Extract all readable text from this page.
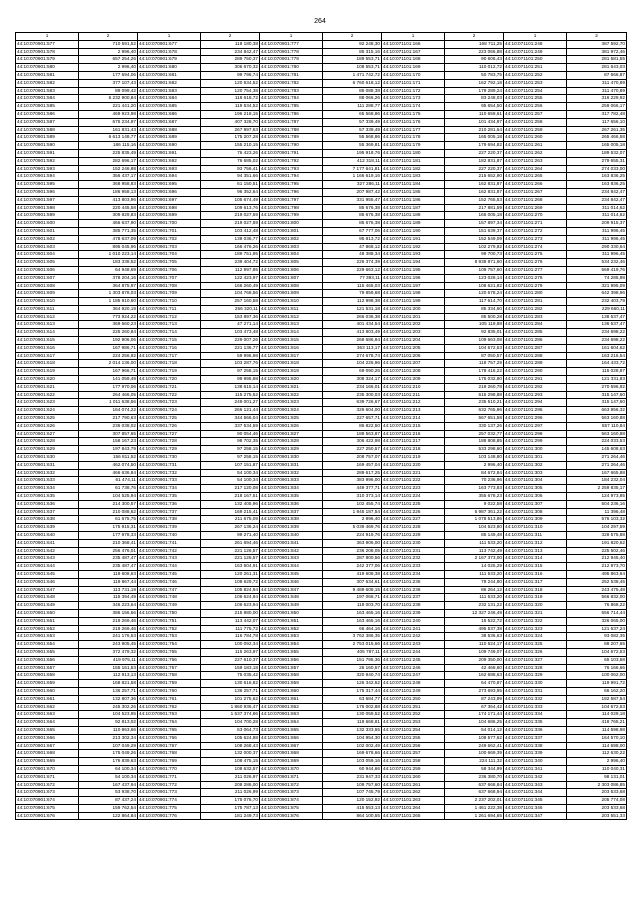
264
1	2	1	2	1	2	1	2	1	2
44:10:070901:577	710 591,52	44:10:070901:677	118 180,38	44:10:070901:777	92 248,30	44:10:071101:166	168 711,25	44:10:071101:248	387 592,70
44:10:070901:578	2 996,40	44:10:070901:678	234 842,47	44:10:070901:778	85 315,16	44:10:071101:167	223 066,88	44:10:071101:249	381 972,46
44:10:070901:579	657 254,26	44:10:070901:679	289 750,37	44:10:070901:779	189 553,71	44:10:071101:168	90 606,43	44:10:071101:250	281 581,55
44:10:070901:580	2 996,40	44:10:070901:680	306 670,32	44:10:070901:780	108 553,71	44:10:071101:169	110 012,72	44:10:071101:251	281 643,03
44:10:070901:581	177 694,06	44:10:070901:681	99 796,74	44:10:070901:781	1 471 742,72	44:10:071101:170	50 783,75	44:10:071101:252	87 666,87
44:10:070901:582	377 107,43	44:10:070901:682	120 534,52	44:10:070901:782	6 760 618,12	44:10:071101:171	162 792,18	44:10:071101:253	311 470,89
44:10:070901:583	89 099,42	44:10:070901:683	120 754,38	44:10:070901:783	85 088,38	44:10:071101:172	179 289,24	44:10:071101:254	311 470,89
44:10:070901:584	6 232 900,84	44:10:070901:684	118 618,72	44:10:070901:784	88 066,26	44:10:071101:173	83 248,03	44:10:071101:255	316 229,92
44:10:070901:585	221 441,20	44:10:070901:685	119 534,52	44:10:070901:785	111 288,77	44:10:071101:174	95 654,50	44:10:071101:256	259 066,17
44:10:070901:586	469 923,98	44:10:070901:686	196 218,15	44:10:070901:786	65 568,86	44:10:071101:175	110 659,61	44:10:071101:257	317 782,48
44:10:070901:587	675 234,97	44:10:070901:687	407 328,70	44:10:070901:787	57 339,49	44:10:071101:176	101 434,87	44:10:071101:258	117 656,10
44:10:070901:588	161 831,43	44:10:070901:688	267 997,63	44:10:070901:788	57 339,49	44:10:071101:177	210 281,64	44:10:071101:259	267 261,35
44:10:070901:589	6 613 148,77	44:10:070901:689	175 207,28	44:10:070901:789	55 568,86	44:10:071101:178	165 005,18	44:10:071101:260	265 466,58
44:10:070901:590	186 115,16	44:10:070901:690	155 210,15	44:10:070901:790	55 369,81	44:10:071101:179	179 694,82	44:10:071101:261	165 005,18
44:10:070901:591	225 835,49	44:10:070901:691	76 423,26	44:10:070901:791	195 918,76	44:10:071101:180	227 220,37	44:10:071101:262	189 532,07
44:10:070901:592	282 696,17	44:10:070901:692	76 685,02	44:10:070901:792	412 318,11	44:10:071101:181	182 831,87	44:10:071101:263	279 655,31
44:10:070901:593	152 246,88	44:10:070901:693	93 756,41	44:10:070901:793	7 177 641,81	44:10:071101:182	227 220,37	44:10:071101:264	274 033,00
44:10:070901:594	356 437,17	44:10:070901:694	94 351,66	44:10:070901:794	1 166 619,16	44:10:071101:183	215 652,90	44:10:071101:265	163 836,25
44:10:070901:595	368 958,83	44:10:070901:695	61 150,51	44:10:070901:795	327 286,11	44:10:071101:184	162 831,87	44:10:071101:266	163 836,25
44:10:070901:596	186 958,13	44:10:070901:696	96 352,64	44:10:070901:796	207 987,42	44:10:071101:185	162 831,87	44:10:071101:267	234 842,47
44:10:070901:597	413 803,96	44:10:070901:697	105 674,49	44:10:070901:797	331 955,47	44:10:071101:186	152 765,53	44:10:071101:268	234 842,47
44:10:070901:598	220 445,58	44:10:070901:698	109 613,76	44:10:070901:798	85 676,38	44:10:071101:187	217 881,59	44:10:071101:269	311 014,62
44:10:070901:599	309 829,83	44:10:070901:699	219 027,59	44:10:070901:799	85 676,38	44:10:071101:188	165 005,18	44:10:071101:270	311 014,62
44:10:070901:600	466 637,90	44:10:070901:700	219 027,59	44:10:070901:800	85 676,38	44:10:071101:189	157 897,34	44:10:071101:271	209 915,37
44:10:070901:601	385 771,35	44:10:070901:701	103 412,48	44:10:070901:801	67 777,06	44:10:071101:190	151 639,37	44:10:071101:272	311 996,45
44:10:070901:602	478 637,09	44:10:070901:702	138 036,77	44:10:070901:802	95 813,72	44:10:071101:191	152 549,09	44:10:071101:273	311 996,45
44:10:070901:603	895 045,96	44:10:070901:703	166 476,26	44:10:070901:803	47 868,12	44:10:071101:192	102 279,82	44:10:071101:274	290 330,64
44:10:070901:604	1 010 223,14	44:10:070901:704	189 751,95	44:10:070901:804	48 388,34	44:10:071101:193	99 700,73	44:10:071101:275	311 996,45
44:10:070901:605	183 338,52	44:10:070901:705	239 404,72	44:10:070901:805	226 374,39	44:10:071101:194	8 938 871,60	44:10:071101:276	534 232,46
44:10:070901:606	64 948,69	44:10:070901:706	112 997,85	44:10:070901:806	229 663,12	44:10:071101:195	109 757,60	44:10:071101:277	569 419,76
44:10:070901:607	378 204,16	44:10:070901:707	122 423,97	44:10:070901:807	77 393,11	44:10:071101:196	123 028,14	44:10:071101:278	74 285,98
44:10:070901:608	364 875,97	44:10:070901:708	166 260,49	44:10:070901:808	115 465,03	44:10:071101:197	108 621,82	44:10:071101:279	321 995,09
44:10:070901:609	1 303 878,03	44:10:070901:709	104 768,56	44:10:070901:809	79 859,68	44:10:071101:198	120 678,24	44:10:071101:280	642 398,96
44:10:070901:610	1 185 910,60	44:10:070901:710	257 160,58	44:10:070901:810	112 998,38	44:10:071101:199	117 614,70	44:10:071101:281	232 403,79
44:10:070901:611	364 920,19	44:10:070901:711	256 320,11	44:10:070901:811	121 531,18	44:10:071101:200	85 334,60	44:10:071101:282	229 660,11
44:10:070901:612	773 924,22	44:10:070901:712	153 897,36	44:10:070901:812	266 036,38	44:10:071101:201	85 500,28	44:10:071101:283	138 537,47
44:10:070901:613	369 560,23	44:10:070901:713	47 271,14	44:10:070901:813	401 434,54	44:10:071101:202	105 119,88	44:10:071101:284	136 537,47
44:10:070901:614	225 260,84	44:10:070901:714	103 473,48	44:10:070901:814	413 803,49	44:10:071101:203	92 835,01	44:10:071101:285	234 698,22
44:10:070901:615	192 906,06	44:10:070901:715	229 007,26	44:10:070901:815	268 686,94	44:10:071101:204	109 663,08	44:10:071101:286	234 698,22
44:10:070901:616	167 986,71	44:10:070901:716	221 136,77	44:10:070901:816	363 113,17	44:10:071101:205	104 672,53	44:10:071101:287	161 604,62
44:10:070901:617	224 256,92	44:10:070901:717	59 996,98	44:10:070901:817	274 678,74	44:10:071101:206	87 050,57	44:10:071101:288	163 216,54
44:10:070901:618	2 014 136,00	44:10:070901:718	103 287,76	44:10:070901:818	104 226,96	44:10:071101:207	118 757,29	44:10:071101:289	164 433,72
44:10:070901:619	167 966,71	44:10:070901:719	97 258,15	44:10:070901:819	69 090,26	44:10:071101:208	178 416,22	44:10:071101:290	115 028,87
44:10:070901:620	141 059,49	44:10:070901:720	99 996,98	44:10:070901:820	308 324,17	44:10:071101:209	175 032,80	44:10:071101:291	121 331,83
44:10:070901:621	177 970,06	44:10:070901:721	138 615,14	44:10:070901:821	234 166,01	44:10:071101:210	219 260,78	44:10:071101:292	270 596,92
44:10:070901:622	264 466,05	44:10:070901:722	115 275,52	44:10:070901:822	235 300,03	44:10:071101:211	615 298,88	44:10:071101:293	315 147,60
44:10:070901:623	1 011 638,56	44:10:070901:723	249 001,27	44:10:070901:823	639 726,67	44:10:071101:212	235 510,21	44:10:071101:294	315 147,60
44:10:070901:624	164 074,22	44:10:070901:724	266 121,44	44:10:070901:824	326 604,00	44:10:071101:213	632 765,96	44:10:071101:295	663 956,32
44:10:070901:625	217 790,63	44:10:070901:725	344 566,04	44:10:070901:825	227 657,71	44:10:071101:214	567 651,58	44:10:071101:296	563 160,88
44:10:070901:626	236 038,02	44:10:070901:726	337 534,59	44:10:070901:826	86 822,50	44:10:071101:215	330 137,26	44:10:071101:297	557 110,84
44:10:070901:627	307 857,65	44:10:070901:727	90 054,46	44:10:070901:827	188 563,87	44:10:071101:216	257 032,77	44:10:071101:298	563 160,88
44:10:070901:628	158 167,23	44:10:070901:728	98 702,35	44:10:070901:828	306 422,98	44:10:071101:217	188 808,85	44:10:071101:299	224 033,53
44:10:070901:629	197 843,79	44:10:070901:729	97 258,15	44:10:070901:829	227 250,57	44:10:071101:218	533 298,60	44:10:071101:300	145 608,63
44:10:070901:630	156 811,52	44:10:070901:730	97 258,15	44:10:070901:830	208 757,07	44:10:071101:219	103 148,80	44:10:071101:301	271 264,46
44:10:070901:631	462 074,50	44:10:070901:731	107 151,87	44:10:070901:831	169 457,04	44:10:071101:220	2 996,40	44:10:071101:302	271 264,46
44:10:070901:632	466 636,84	44:10:070901:732	54 100,34	44:10:070901:832	289 617,25	44:10:071101:221	84 672,84	44:10:071101:303	167 665,88
44:10:070901:633	61 474,11	44:10:070901:733	54 100,34	44:10:070901:833	383 996,00	44:10:071101:222	70 236,96	44:10:071101:304	184 232,04
44:10:070901:634	61 738,76	44:10:070901:734	217 120,08	44:10:070901:834	449 377,71	44:10:071101:223	163 773,83	44:10:071101:305	2 259 835,17
44:10:070901:635	104 525,94	44:10:070901:735	218 167,51	44:10:070901:835	310 373,14	44:10:071101:224	355 678,23	44:10:071101:306	124 973,85
44:10:070901:636	214 300,57	44:10:070901:736	132 405,96	44:10:070901:836	102 455,74	44:10:071101:225	9 022,58	44:10:071101:307	504 236,16
44:10:070901:637	210 088,62	44:10:070901:737	169 215,41	44:10:070901:837	1 945 187,54	44:10:071101:226	5 987 361,22	44:10:071101:308	11 396,48
44:10:070901:638	61 675,75	44:10:070901:738	211 675,09	44:10:070901:838	2 996,40	44:10:071101:227	1 078 513,86	44:10:071101:309	576 103,32
44:10:070901:639	175 915,31	44:10:070901:739	267 136,24	44:10:070901:839	5 039 469,76	44:10:071101:228	104 523,80	44:10:071101:310	104 297,59
44:10:070901:640	177 978,33	44:10:070901:740	99 271,40	44:10:070901:840	224 919,76	44:10:071101:229	85 149,48	44:10:071101:311	328 575,88
44:10:070901:641	210 368,41	44:10:070901:741	261 694,46	44:10:070901:841	363 906,00	44:10:071101:230	111 533,20	44:10:071101:312	191 820,62
44:10:070901:642	256 476,01	44:10:070901:742	221 126,57	44:10:070901:842	236 208,05	44:10:071101:231	113 742,49	44:10:071101:313	225 502,46
44:10:070901:643	235 487,47	44:10:070901:743	221 126,57	44:10:070901:843	287 800,56	44:10:071101:232	2 167 373,00	44:10:071101:314	212 945,40
44:10:070901:644	235 487,47	44:10:070901:744	163 604,91	44:10:070901:844	242 377,06	44:10:071101:233	14 025,29	44:10:071101:315	212 973,70
44:10:070901:645	119 608,63	44:10:070901:745	120 261,31	44:10:070901:845	419 608,38	44:10:071101:234	111 533,20	44:10:071101:316	495 863,64
44:10:070901:646	119 867,44	44:10:070901:746	108 629,72	44:10:070901:846	307 634,61	44:10:071101:235	79 244,80	44:10:071101:317	252 538,45
44:10:070901:647	113 731,19	44:10:070901:747	105 824,94	44:10:070901:847	9 489 608,15	44:10:071101:236	86 264,12	44:10:071101:318	243 475,48
44:10:070901:648	115 394,49	44:10:070901:748	106 624,94	44:10:070901:848	197 068,71	44:10:071101:237	111 533,20	44:10:071101:319	566 832,00
44:10:070901:649	346 223,64	44:10:070901:749	106 623,94	44:10:070901:849	118 003,70	44:10:071101:238	232 131,22	44:10:071101:320	76 868,22
44:10:070901:650	386 156,66	44:10:070901:750	215 980,00	44:10:070901:850	163 465,16	44:10:071101:239	12 327 246,49	44:10:071101:321	556 714,44
44:10:070901:651	219 269,46	44:10:070901:751	113 442,07	44:10:070901:851	163 465,16	44:10:071101:240	15 522,72	44:10:071101:322	326 065,00
44:10:070901:652	219 269,46	44:10:070901:752	111 775,72	44:10:070901:852	66 464,16	44:10:071101:241	495 537,38	44:10:071101:323	121 537,24
44:10:070901:653	241 176,53	44:10:070901:753	116 784,78	44:10:070901:853	3 762 386,35	44:10:071101:242	38 536,63	44:10:071101:324	93 082,35
44:10:070901:654	243 905,45	44:10:070901:754	100 092,34	44:10:070901:854	2 753 015,66	44:10:071101:243	110 524,17	44:10:071101:325	88 207,65
44:10:070901:655	372 479,32	44:10:070901:755	115 263,97	44:10:070901:855	405 787,11	44:10:071101:244	109 749,07	44:10:071101:326	104 672,53
44:10:070901:656	419 975,11	44:10:070901:756	227 610,37	44:10:070901:856	151 795,36	44:10:071101:245	209 350,00	44:10:071101:327	65 103,58
44:10:070901:657	155 161,53	44:10:070901:757	159 183,18	44:10:070901:857	26 160,57	44:10:071101:246	42 468,60	44:10:071101:328	76 166,66
44:10:070901:658	112 913,13	44:10:070901:758	75 035,42	44:10:070901:858	320 940,74	44:10:071101:247	162 688,63	44:10:071101:329	100 062,00
44:10:070901:659	168 821,58	44:10:070901:759	130 616,82	44:10:070901:859	126 342,62	44:10:071101:248	64 470,87	44:10:071101:330	119 991,72
44:10:070901:660	136 257,71	44:10:070901:760	136 257,71	44:10:070901:860	175 317,44	44:10:071101:249	273 693,95	44:10:071101:331	66 162,20
44:10:070901:661	132 807,36	44:10:070901:761	101 275,62	44:10:070901:861	63 684,77	44:10:071101:250	87 243,99	44:10:071101:332	182 587,54
44:10:070901:662	245 302,26	44:10:070901:762	1 860 936,47	44:10:070901:862	176 002,88	44:10:071101:251	67 364,42	44:10:071101:333	104 672,53
44:10:070901:663	104 523,95	44:10:070901:763	1 537 374,86	44:10:070901:863	130 059,52	44:10:071101:252	174 171,44	44:10:071101:334	114 029,18
44:10:070901:664	92 813,02	44:10:070901:764	104 700,28	44:10:070901:864	118 668,81	44:10:071101:253	104 686,25	44:10:071101:335	418 765,21
44:10:070901:665	110 963,66	44:10:070901:765	63 064,73	44:10:070901:865	132 333,55	44:10:071101:254	54 014,12	44:10:071101:336	114 598,98
44:10:070901:666	213 302,34	44:10:070901:766	105 624,98	44:10:070901:866	104 954,30	44:10:071101:255	108 577,62	44:10:071101:337	164 570,10
44:10:070901:667	107 049,29	44:10:070901:767	108 268,43	44:10:070901:867	102 002,49	44:10:071101:256	249 662,41	44:10:071101:338	114 698,00
44:10:070901:668	175 049,26	44:10:070901:768	132 000,37	44:10:070901:868	169 678,66	44:10:071101:257	100 669,39	44:10:071101:339	112 630,22
44:10:070901:669	176 839,63	44:10:070901:769	108 475,15	44:10:070901:869	103 059,16	44:10:071101:258	224 111,32	44:10:071101:340	2 996,40
44:10:070901:670	64 100,34	44:10:070901:770	108 632,57	44:10:070901:870	60 944,66	44:10:071101:259	58 344,99	44:10:071101:341	110 040,31
44:10:070901:671	54 100,34	44:10:070901:771	211 026,97	44:10:070901:871	231 947,33	44:10:071101:260	236 380,70	44:10:071101:342	98 131,01
44:10:070901:672	167 437,94	44:10:070901:772	208 286,00	44:10:070901:872	109 757,60	44:10:071101:261	637 668,84	44:10:071101:343	2 303 086,85
44:10:070901:673	53 938,70	44:10:070901:773	211 026,99	44:10:070901:873	107 745,79	44:10:071101:262	637 668,94	44:10:071101:344	203 533,68
44:10:070901:674	87 437,24	44:10:070901:774	175 076,70	44:10:070901:874	120 152,92	44:10:071101:263	2 237 202,01	44:10:071101:345	205 774,08
44:10:070901:675	159 762,54	44:10:070901:775	175 787,13	44:10:070901:875	415 553,13	44:10:071101:264	1 461 222,38	44:10:071101:346	203 533,68
44:10:070901:676	122 864,84	44:10:070901:776	181 249,73	44:10:070901:876	864 100,55	44:10:071101:265	1 261 694,65	44:10:071101:347	203 551,33
